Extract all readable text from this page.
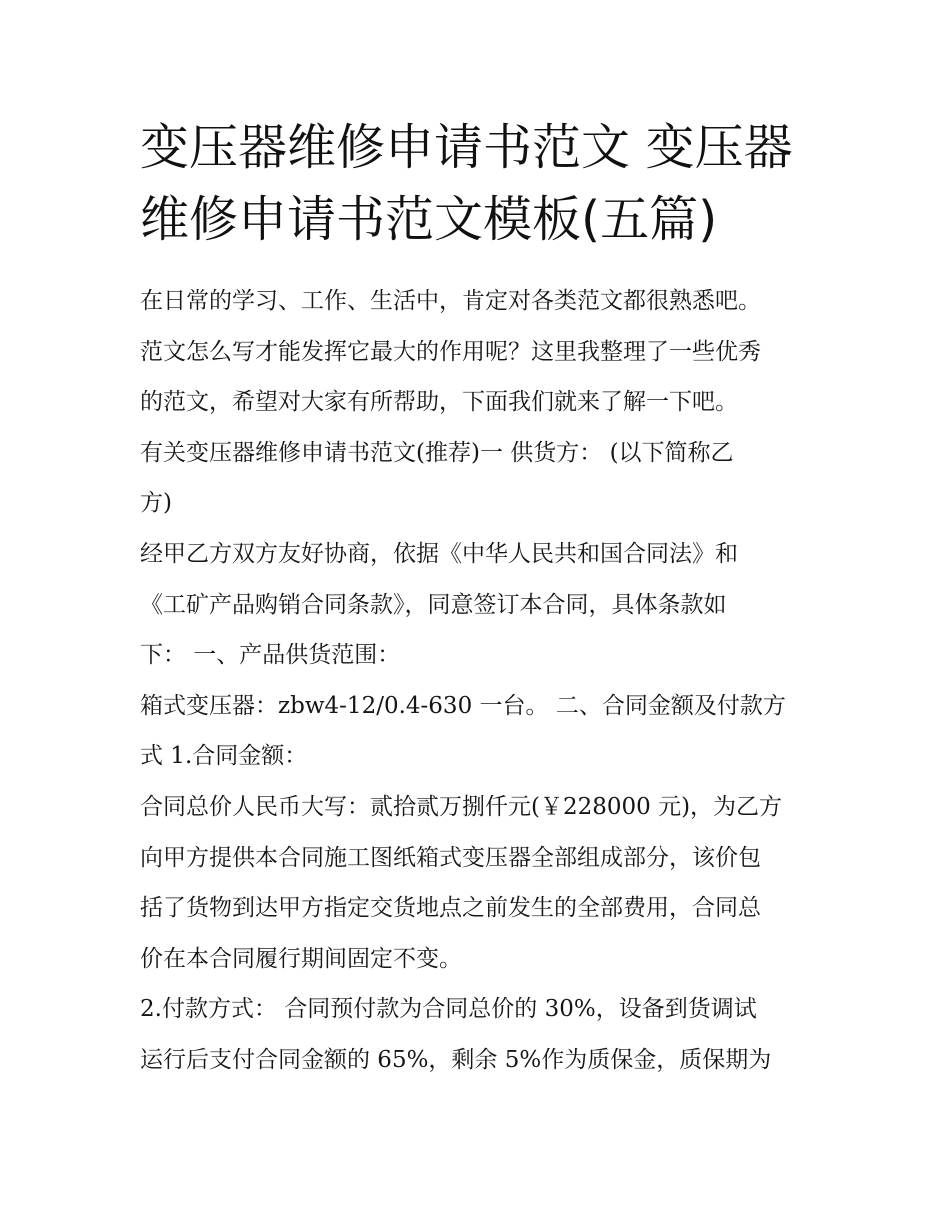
变压器维修申请书范文 变压器
维修申请书范文模板(五篇)
在日常的学习、工作、生活中，肯定对各类范文都很熟悉吧。
范文怎么写才能发挥它最大的作用呢？这里我整理了一些优秀
的范文，希望对大家有所帮助，下面我们就来了解一下吧。
有关变压器维修申请书范文(推荐)一 供货方： (以下简称乙
方)
经甲乙方双方友好协商，依据《中华人民共和国合同法》和
《工矿产品购销合同条款》，同意签订本合同，具体条款如
下： 一、产品供货范围：
箱式变压器：zbw4-12/0.4-630 一台。 二、合同金额及付款方
式 1.合同金额：
合同总价人民币大写：贰拾贰万捌仟元(￥228000 元)，为乙方
向甲方提供本合同施工图纸箱式变压器全部组成部分，该价包
括了货物到达甲方指定交货地点之前发生的全部费用，合同总
价在本合同履行期间固定不变。
2.付款方式： 合同预付款为合同总价的 30%，设备到货调试
运行后支付合同金额的 65%，剩余 5%作为质保金，质保期为
